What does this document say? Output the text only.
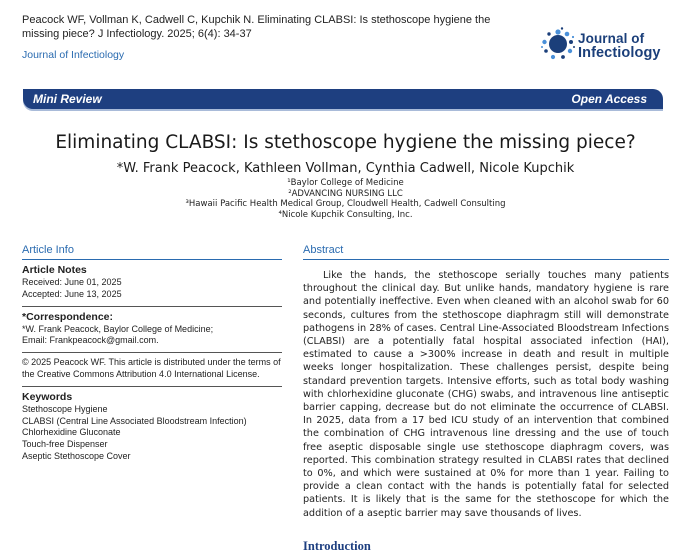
Peacock WF, Vollman K, Cadwell C, Kupchik N. Eliminating CLABSI: Is stethoscope hygiene the missing piece? J Infectiology. 2025; 6(4): 34-37
Journal of Infectiology
Journal of
Infectiology
Mini Review	Open Access
Eliminating CLABSI: Is stethoscope hygiene the missing piece?
*W. Frank Peacock, Kathleen Vollman, Cynthia Cadwell, Nicole Kupchik
¹Baylor College of Medicine
²ADVANCING NURSING LLC
³Hawaii Pacific Health Medical Group, Cloudwell Health, Cadwell Consulting
⁴Nicole Kupchik Consulting, Inc.
Article Info
Article Notes
Received: June 01, 2025
Accepted: June 13, 2025
*Correspondence:
*W. Frank Peacock, Baylor College of Medicine;
Email: Frankpeacock@gmail.com.
© 2025 Peacock WF. This article is distributed under the terms of the Creative Commons Attribution 4.0 International License.
Keywords
Stethoscope Hygiene
CLABSI (Central Line Associated Bloodstream Infection)
Chlorhexidine Gluconate
Touch-free Dispenser
Aseptic Stethoscope Cover
Abstract
Like the hands, the stethoscope serially touches many patients throughout the clinical day. But unlike hands, mandatory hygiene is rare and potentially ineffective. Even when cleaned with an alcohol swab for 60 seconds, cultures from the stethoscope diaphragm still will demonstrate pathogens in 28% of cases. Central Line-Associated Bloodstream Infections (CLABSI) are a potentially fatal hospital associated infection (HAI), estimated to cause a >300% increase in death and result in multiple weeks longer hospitalization. These challenges persist, despite being standard prevention targets. Intensive efforts, such as total body washing with chlorhexidine gluconate (CHG) swabs, and intravenous line antiseptic barrier capping, decrease but do not eliminate the occurrence of CLABSI. In 2025, data from a 17 bed ICU study of an intervention that combined the combination of CHG intravenous line dressing and the use of touch free aseptic disposable single use stethoscope diaphragm covers, was reported. This combination strategy resulted in CLABSI rates that declined to 0%, and which were sustained at 0% for more than 1 year. Failing to provide a clean contact with the hands is potentially fatal for selected patients. It is likely that is the same for the stethoscope for which the addition of a aseptic barrier may save thousands of lives.
Introduction
